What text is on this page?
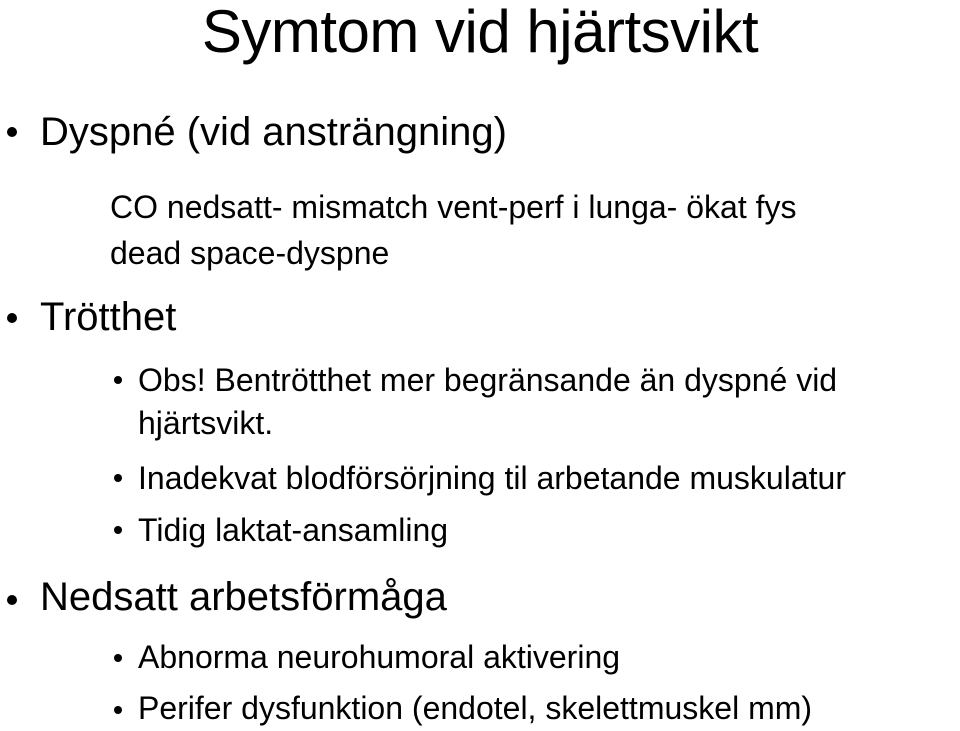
Symtom vid hjärtsvikt
Dyspné (vid ansträngning)
CO nedsatt- mismatch vent-perf i lunga- ökat fys
dead space-dyspne
Trötthet
Obs! Bentrötthet mer begränsande än dyspné vid
hjärtsvikt.
Inadekvat blodförsörjning til arbetande muskulatur
Tidig laktat-ansamling
Nedsatt arbetsförmåga
Abnorma neurohumoral aktivering
Perifer dysfunktion (endotel, skelettmuskel mm)
